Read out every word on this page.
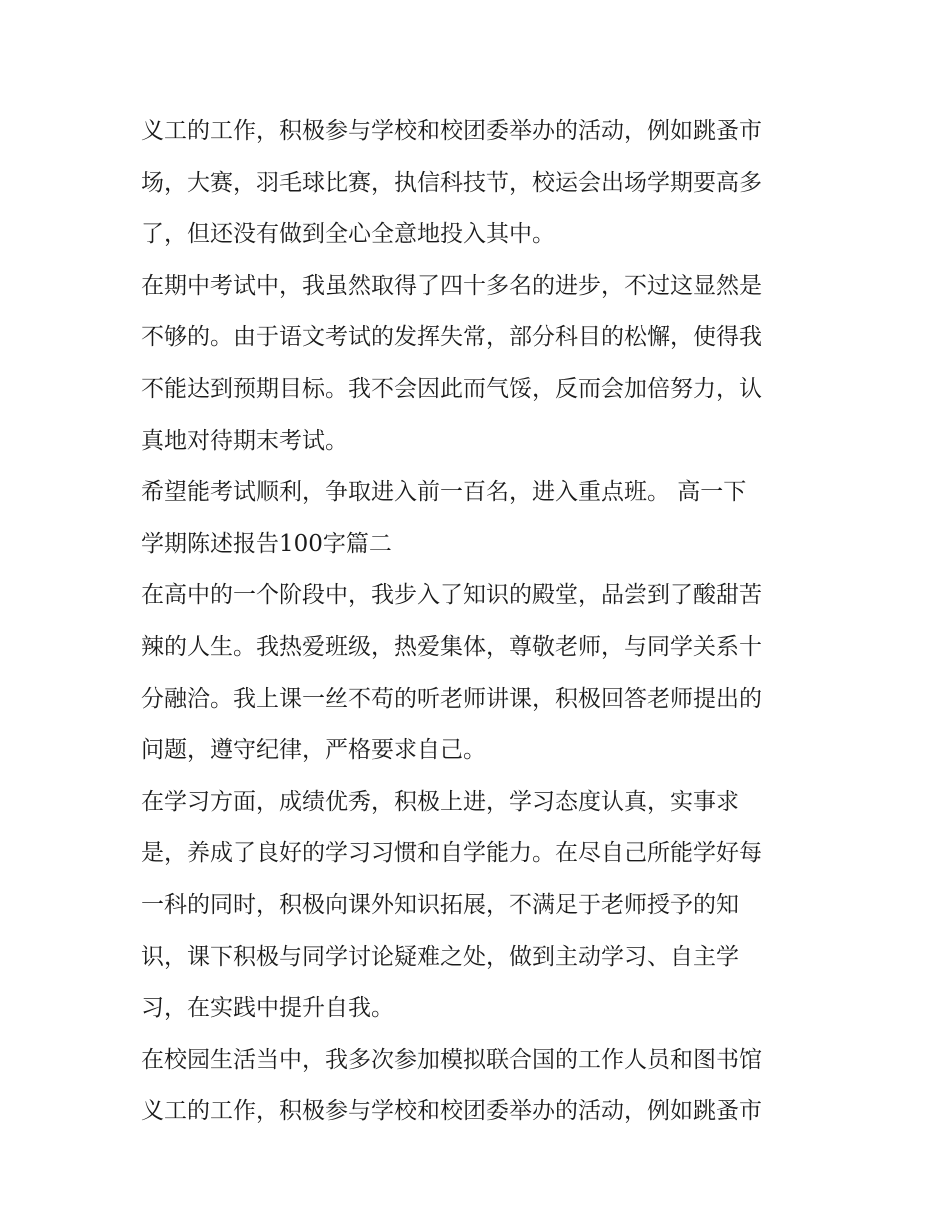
义工的工作，积极参与学校和校团委举办的活动，例如跳蚤市
场，大赛，羽毛球比赛，执信科技节，校运会出场学期要高多
了，但还没有做到全心全意地投入其中。
在期中考试中，我虽然取得了四十多名的进步，不过这显然是
不够的。由于语文考试的发挥失常，部分科目的松懈，使得我
不能达到预期目标。我不会因此而气馁，反而会加倍努力，认
真地对待期末考试。
希望能考试顺利，争取进入前一百名，进入重点班。 高一下
学期陈述报告100字篇二
在高中的一个阶段中，我步入了知识的殿堂，品尝到了酸甜苦
辣的人生。我热爱班级，热爱集体，尊敬老师，与同学关系十
分融洽。我上课一丝不苟的听老师讲课，积极回答老师提出的
问题，遵守纪律，严格要求自己。
在学习方面，成绩优秀，积极上进，学习态度认真，实事求
是，养成了良好的学习习惯和自学能力。在尽自己所能学好每
一科的同时，积极向课外知识拓展，不满足于老师授予的知
识，课下积极与同学讨论疑难之处，做到主动学习、自主学
习，在实践中提升自我。
在校园生活当中，我多次参加模拟联合国的工作人员和图书馆
义工的工作，积极参与学校和校团委举办的活动，例如跳蚤市
